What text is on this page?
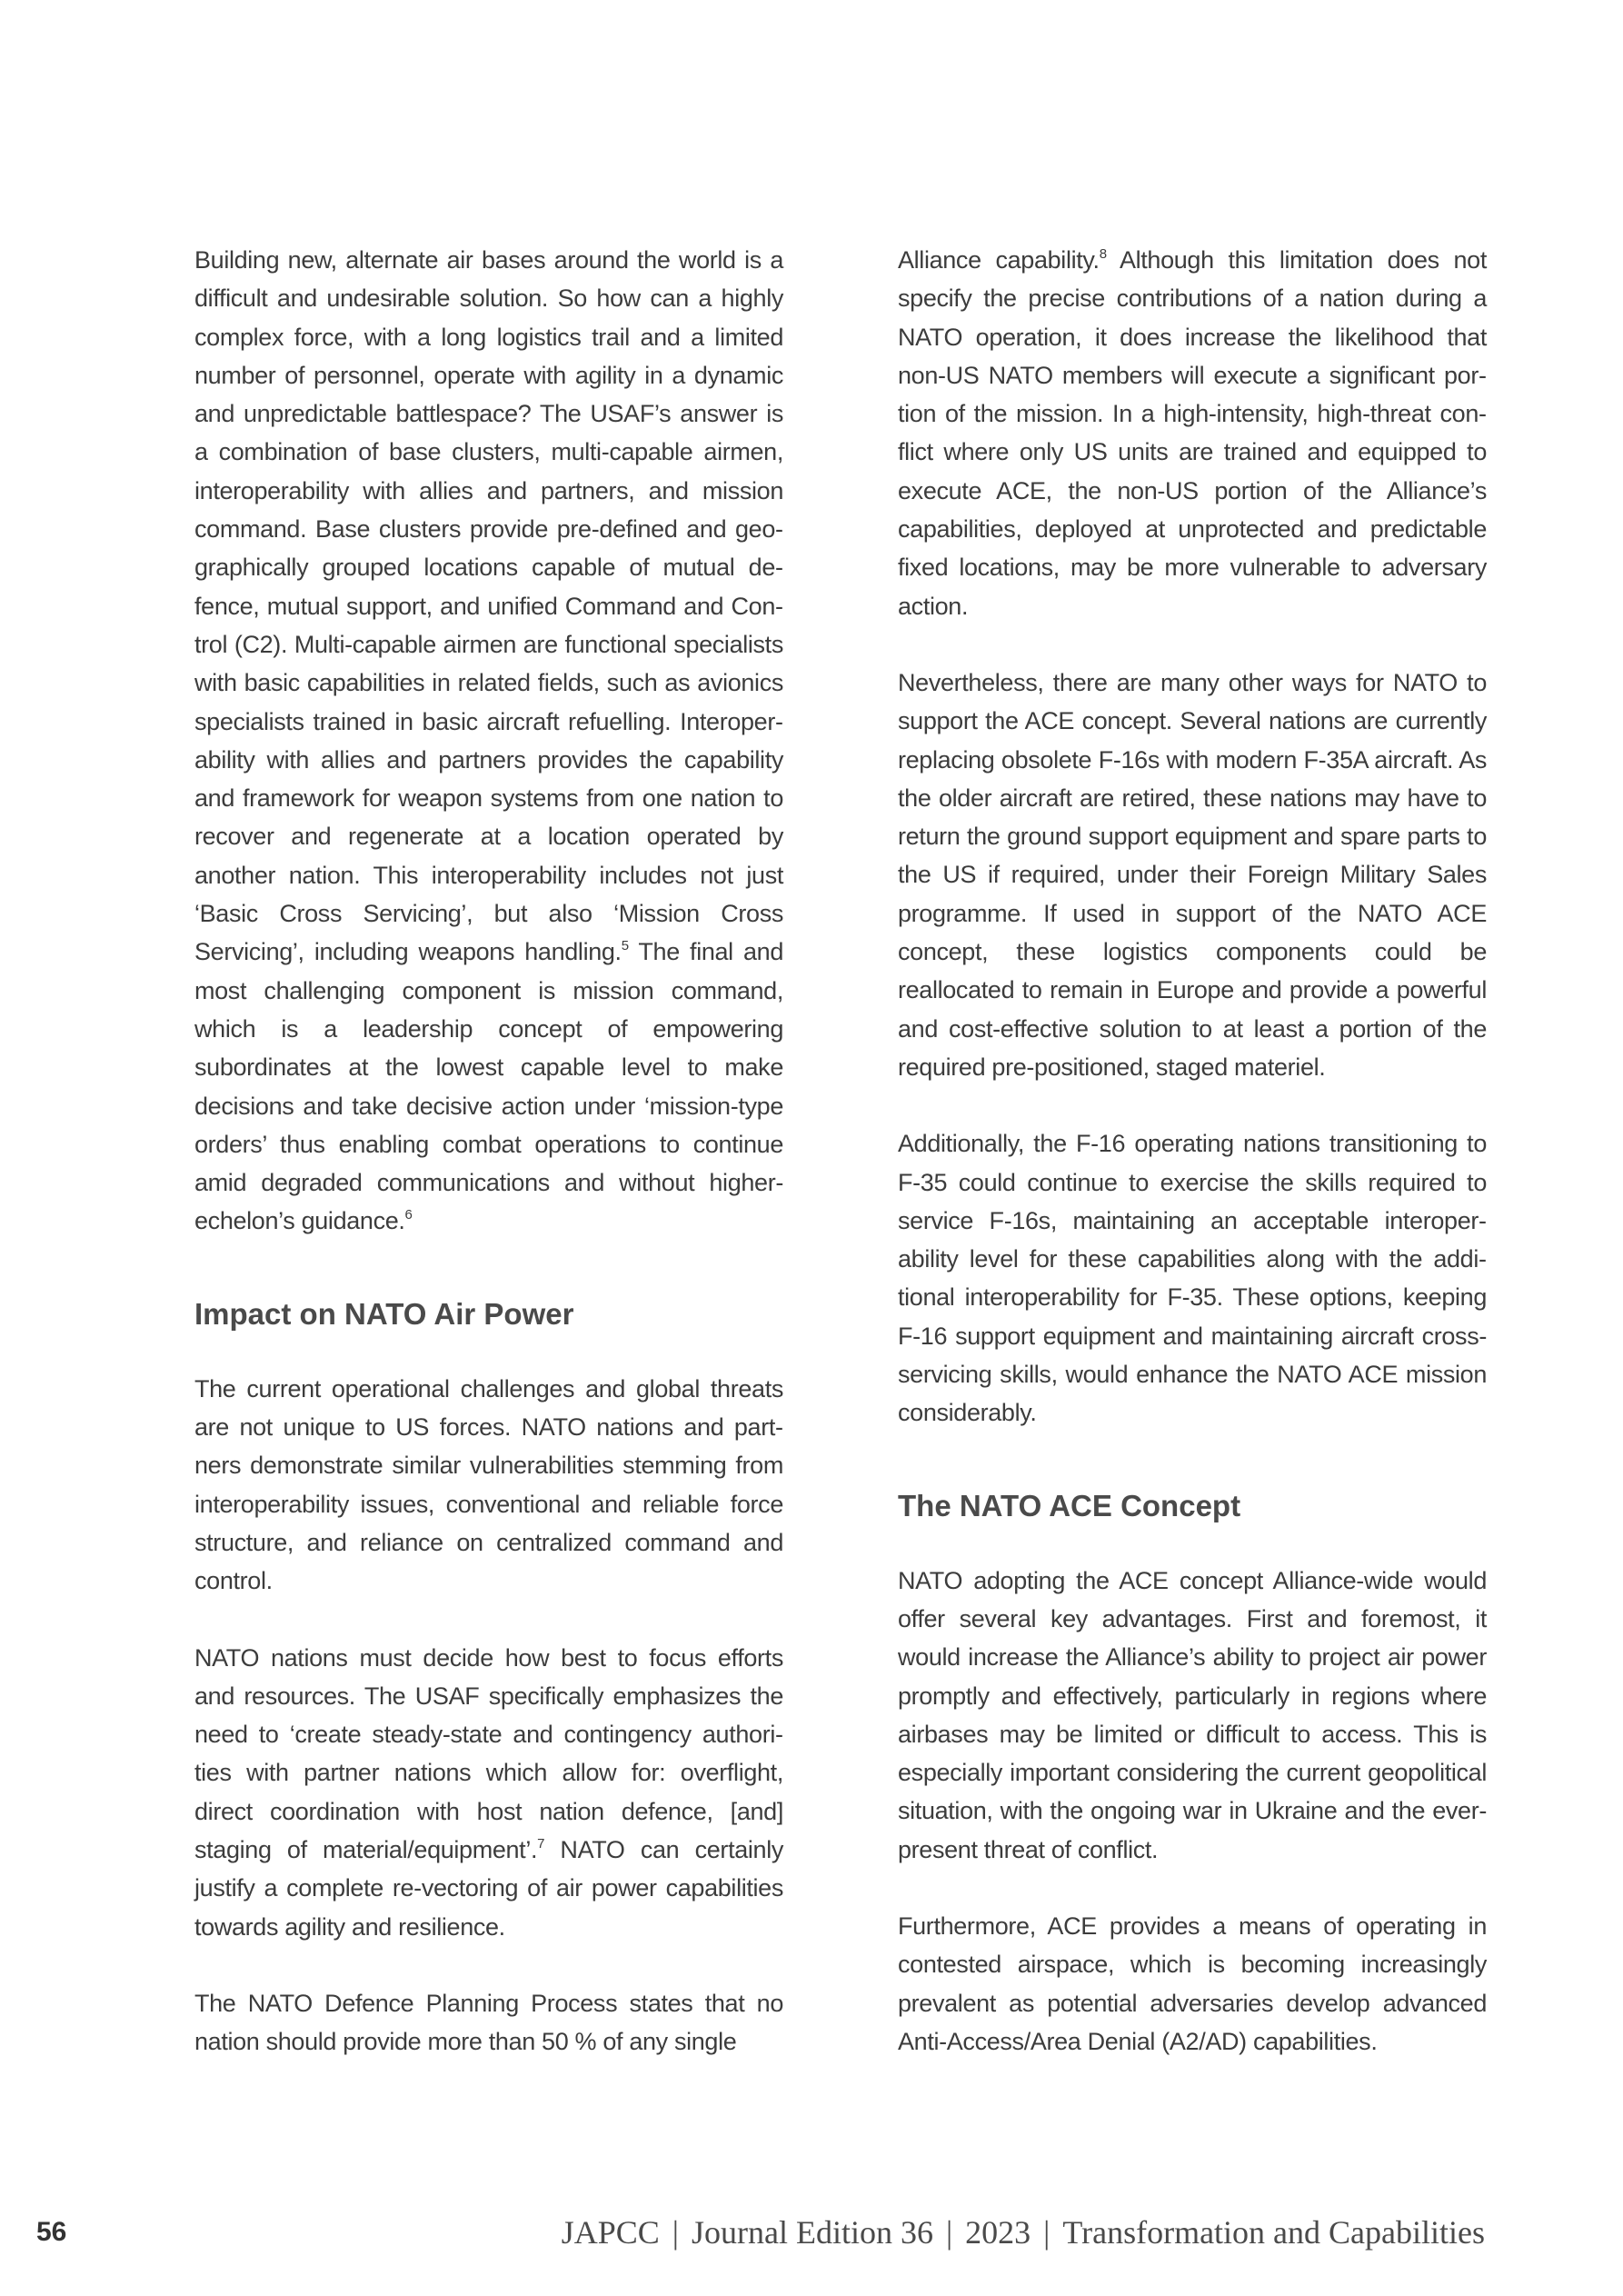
Building new, alternate air bases around the world is a difficult and undesirable solution. So how can a highly complex force, with a long logistics trail and a limited number of personnel, operate with agility in a dynamic and unpredictable battlespace? The USAF’s answer is a combination of base clusters, multi-capable airmen, interoperability with allies and partners, and mission command. Base clusters provide pre-defined and geographically grouped locations capable of mutual defence, mutual support, and unified Command and Control (C2). Multi-capable airmen are functional specialists with basic capabilities in related fields, such as avionics specialists trained in basic aircraft refuelling. Interoperability with allies and partners provides the capability and framework for weapon systems from one nation to recover and regenerate at a location operated by another nation. This interoperability includes not just ‘Basic Cross Servicing’, but also ‘Mission Cross Servicing’, including weapons handling.$^5$ The final and most challenging component is mission command, which is a leadership concept of empowering subordinates at the lowest capable level to make decisions and take decisive action under ‘mission-type orders’ thus enabling combat operations to continue amid degraded communications and without higher-echelon’s guidance.$^6$

Impact on NATO Air Power

The current operational challenges and global threats are not unique to US forces. NATO nations and partners demonstrate similar vulnerabilities stemming from interoperability issues, conventional and reliable force structure, and reliance on centralized command and control.

NATO nations must decide how best to focus efforts and resources. The USAF specifically emphasizes the need to ‘create steady-state and contingency authorities with partner nations which allow for: overflight, direct coordination with host nation defence, [and] staging of material/equipment’.$^7$ NATO can certainly justify a complete re-vectoring of air power capabilities towards agility and resilience.

The NATO Defence Planning Process states that no nation should provide more than 50 % of any single

Alliance capability.$^8$ Although this limitation does not specify the precise contributions of a nation during a NATO operation, it does increase the likelihood that non-US NATO members will execute a significant portion of the mission. In a high-intensity, high-threat conflict where only US units are trained and equipped to execute ACE, the non-US portion of the Alliance’s capabilities, deployed at unprotected and predictable fixed locations, may be more vulnerable to adversary action.

Nevertheless, there are many other ways for NATO to support the ACE concept. Several nations are currently replacing obsolete F-16s with modern F-35A aircraft. As the older aircraft are retired, these nations may have to return the ground support equipment and spare parts to the US if required, under their Foreign Military Sales programme. If used in support of the NATO ACE concept, these logistics components could be reallocated to remain in Europe and provide a powerful and cost-effective solution to at least a portion of the required pre-positioned, staged materiel.

Additionally, the F-16 operating nations transitioning to F-35 could continue to exercise the skills required to service F-16s, maintaining an acceptable interoperability level for these capabilities along with the additional interoperability for F-35. These options, keeping F-16 support equipment and maintaining aircraft cross-servicing skills, would enhance the NATO ACE mission considerably.

The NATO ACE Concept

NATO adopting the ACE concept Alliance-wide would offer several key advantages. First and foremost, it would increase the Alliance’s ability to project air power promptly and effectively, particularly in regions where airbases may be limited or difficult to access. This is especially important considering the current geopolitical situation, with the ongoing war in Ukraine and the ever-present threat of conflict.

Furthermore, ACE provides a means of operating in contested airspace, which is becoming increasingly prevalent as potential adversaries develop advanced Anti-Access/Area Denial (A2/AD) capabilities.

56	JAPCC | Journal Edition 36 | 2023 | Transformation and Capabilities
